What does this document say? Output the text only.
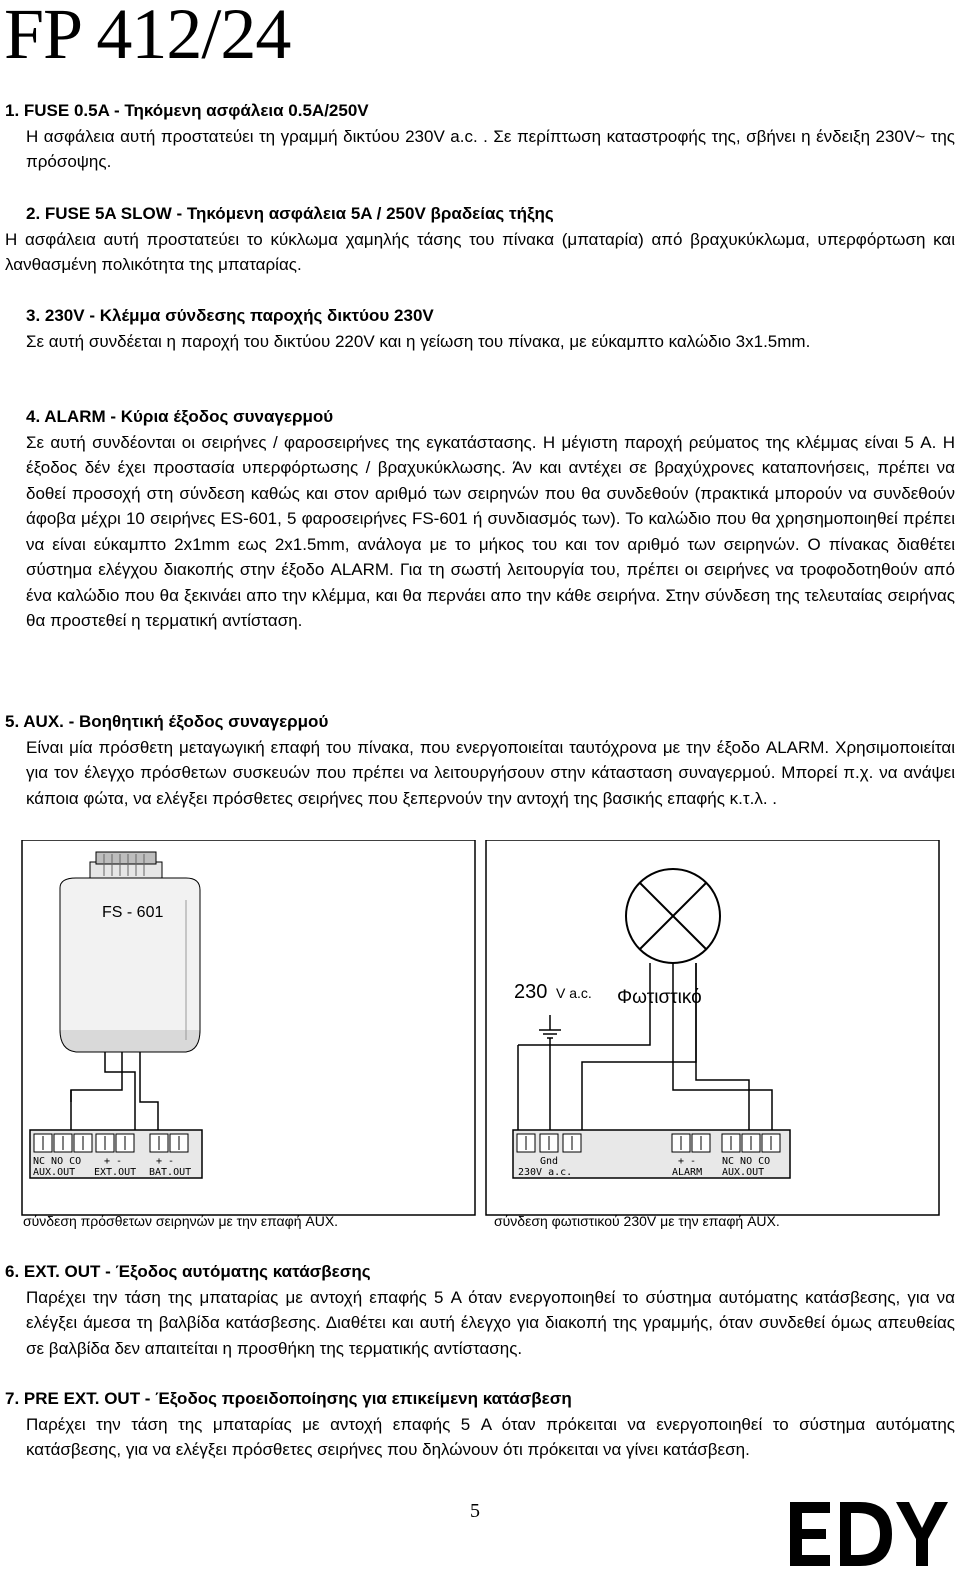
FP 412/24
1. FUSE 0.5A - Τηκόμενη ασφάλεια 0.5A/250V
Η ασφάλεια αυτή προστατεύει τη γραμμή δικτύου 230V a.c. . Σε περίπτωση καταστροφής της, σβήνει η ένδειξη 230V~ της πρόσοψης.
2. FUSE 5A SLOW - Τηκόμενη ασφάλεια 5A / 250V βραδείας τήξης
Η ασφάλεια αυτή προστατεύει το κύκλωμα χαμηλής τάσης του πίνακα (μπαταρία) από βραχυκύκλωμα, υπερφόρτωση και λανθασμένη πολικότητα της μπαταρίας.
3. 230V - Κλέμμα σύνδεσης παροχής δικτύου 230V
Σε αυτή συνδέεται η παροχή του δικτύου 220V και η γείωση του πίνακα, με εύκαμπτο καλώδιο 3x1.5mm.
4. ALARM - Κύρια έξοδος συναγερμού
Σε αυτή συνδέονται οι σειρήνες / φαροσειρήνες της εγκατάστασης. Η μέγιστη παροχή ρεύματος της κλέμμας είναι 5 A. Η έξοδος δέν έχει προστασία υπερφόρτωσης / βραχυκύκλωσης. Άν και αντέχει σε βραχύχρονες καταπονήσεις, πρέπει να δοθεί προσοχή στη σύνδεση καθώς και στον αριθμό των σειρηνών που θα συνδεθούν (πρακτικά μπορούν να συνδεθούν άφοβα μέχρι 10 σειρήνες ES-601, 5 φαροσειρήνες FS-601 ή συνδιασμός των). Το καλώδιο που θα χρησημοποιηθεί πρέπει να είναι εύκαμπτο 2x1mm εως 2x1.5mm, ανάλογα με το μήκος του και τον αριθμό των σειρηνών. Ο πίνακας διαθέτει σύστημα ελέγχου διακοπής στην έξοδο ALARM. Για τη σωστή λειτουργία του, πρέπει οι σειρήνες να τροφοδοτηθούν από ένα καλώδιο που θα ξεκινάει απο την κλέμμα, και θα περνάει απο την κάθε σειρήνα. Στην σύνδεση της τελευταίας σειρήνας θα προστεθεί η τερματική αντίσταση.
5. AUX. - Βοηθητική έξοδος συναγερμού
Είναι μία πρόσθετη μεταγωγική επαφή του πίνακα, που ενεργοποιείται ταυτόχρονα με την έξοδο ALARM. Χρησιμοποιείται για τον έλεγχο πρόσθετων συσκευών που πρέπει να λειτουργήσουν στην κάτασταση συναγερμού. Μπορεί π.χ. να ανάψει κάποια φώτα, να ελέγξει πρόσθετες σειρήνες που ξεπερνούν την αντοχή της βασικής επαφής κ.τ.λ. .
FS - 601
NC NO CO
AUX.OUT
+ -
EXT.OUT
+ -
BAT.OUT
230 V a.c. Φωτιστικό
Gnd
230V a.c.
+ -
ALARM
NC NO CO
AUX.OUT
σύνδεση πρόσθετων σειρηνών με την επαφή AUX.	σύνδεση φωτιστικού 230V με την επαφή AUX.
6. EXT. OUT - Έξοδος αυτόματης κατάσβεσης
Παρέχει την τάση της μπαταρίας με αντοχή επαφής 5 A όταν ενεργοποιηθεί το σύστημα αυτόματης κατάσβεσης, για να ελέγξει άμεσα τη βαλβίδα κατάσβεσης. Διαθέτει και αυτή έλεγχο για διακοπή της γραμμής, όταν συνδεθεί όμως απευθείας σε βαλβίδα δεν απαιτείται η προσθήκη της τερματικής αντίστασης.
7. PRE EXT. OUT - Έξοδος προειδοποίησης για επικείμενη κατάσβεση
Παρέχει την τάση της μπαταρίας με αντοχή επαφής 5 A όταν πρόκειται να ενεργοποιηθεί το σύστημα αυτόματης κατάσβεσης, για να ελέγξει πρόσθετες σειρήνες που δηλώνουν ότι πρόκειται να γίνει κατάσβεση.
5
